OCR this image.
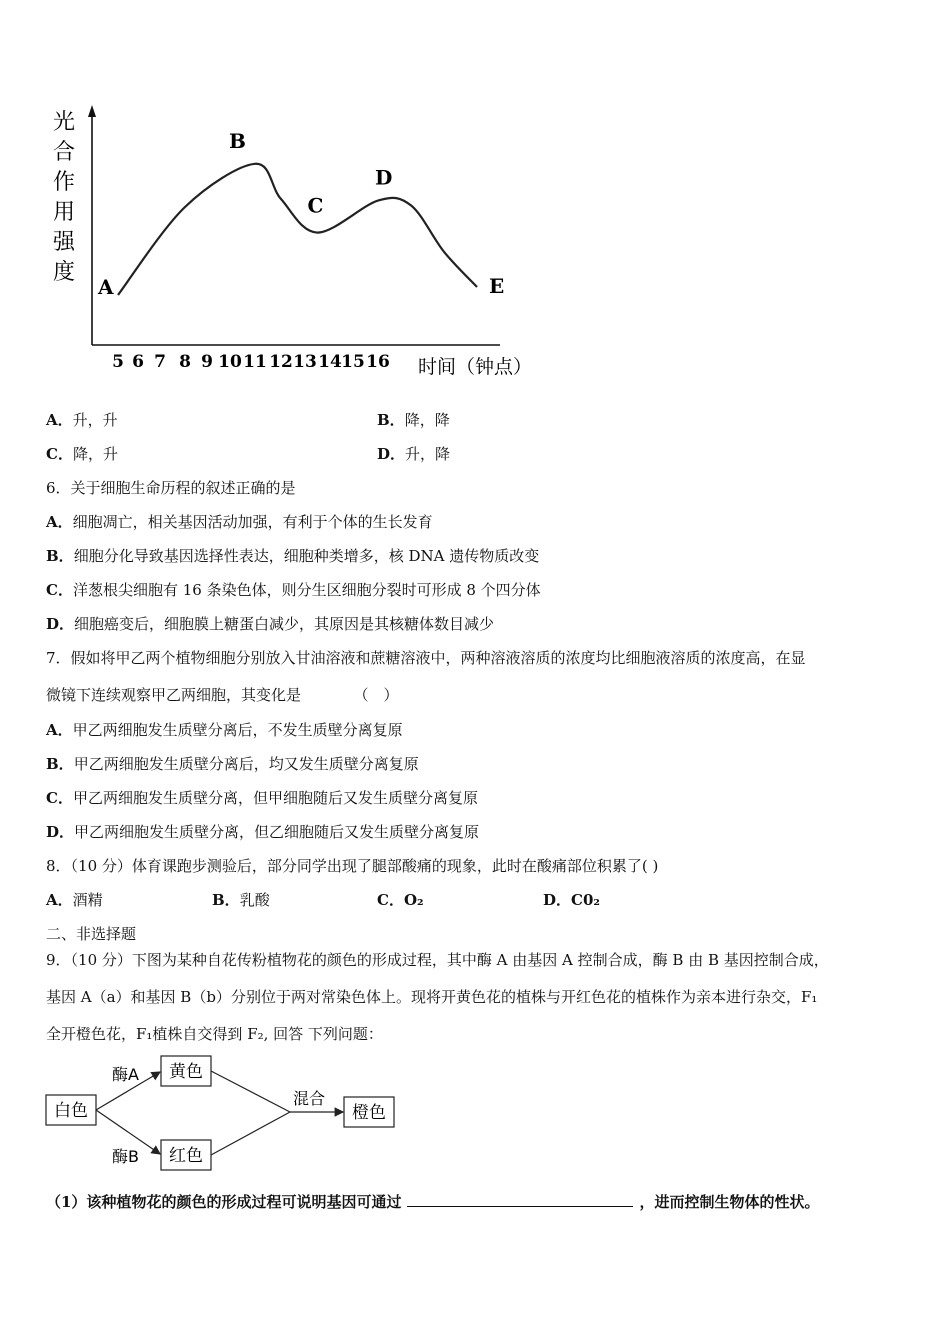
光
合
作
用
强
度
5 6 7 8 9 10 11 12 13 14 15 16 时间（钟点）
A
B
C
D
E
A．升，升	B．降，降
C．降，升	D．升，降
6．关于细胞生命历程的叙述正确的是
A．细胞凋亡，相关基因活动加强，有利于个体的生长发育
B．细胞分化导致基因选择性表达，细胞种类增多，核 DNA 遗传物质改变
C．洋葱根尖细胞有 16 条染色体，则分生区细胞分裂时可形成 8 个四分体
D．细胞癌变后，细胞膜上糖蛋白减少，其原因是其核糖体数目减少
7．假如将甲乙两个植物细胞分别放入甘油溶液和蔗糖溶液中，两种溶液溶质的浓度均比细胞液溶质的浓度高，在显
微镜下连续观察甲乙两细胞，其变化是　　　　（　）
A．甲乙两细胞发生质壁分离后，不发生质壁分离复原
B．甲乙两细胞发生质壁分离后，均又发生质壁分离复原
C．甲乙两细胞发生质壁分离，但甲细胞随后又发生质壁分离复原
D．甲乙两细胞发生质壁分离，但乙细胞随后又发生质壁分离复原
8．（10 分）体育课跑步测验后，部分同学出现了腿部酸痛的现象，此时在酸痛部位积累了( )
A．酒精	B．乳酸	C．O₂	D．C0₂
二、非选择题
9．（10 分）下图为某种自花传粉植物花的颜色的形成过程，其中酶 A 由基因 A 控制合成，酶 B 由 B 基因控制合成，
基因 A（a）和基因 B（b）分别位于两对常染色体上。现将开黄色花的植株与开红色花的植株作为亲本进行杂交，F₁
全开橙色花，F₁植株自交得到 F₂, 回答 下列问题：
白色
黄色
红色
橙色
酶A
酶B
混合
（1）该种植物花的颜色的形成过程可说明基因可通过	，进而控制生物体的性状。
